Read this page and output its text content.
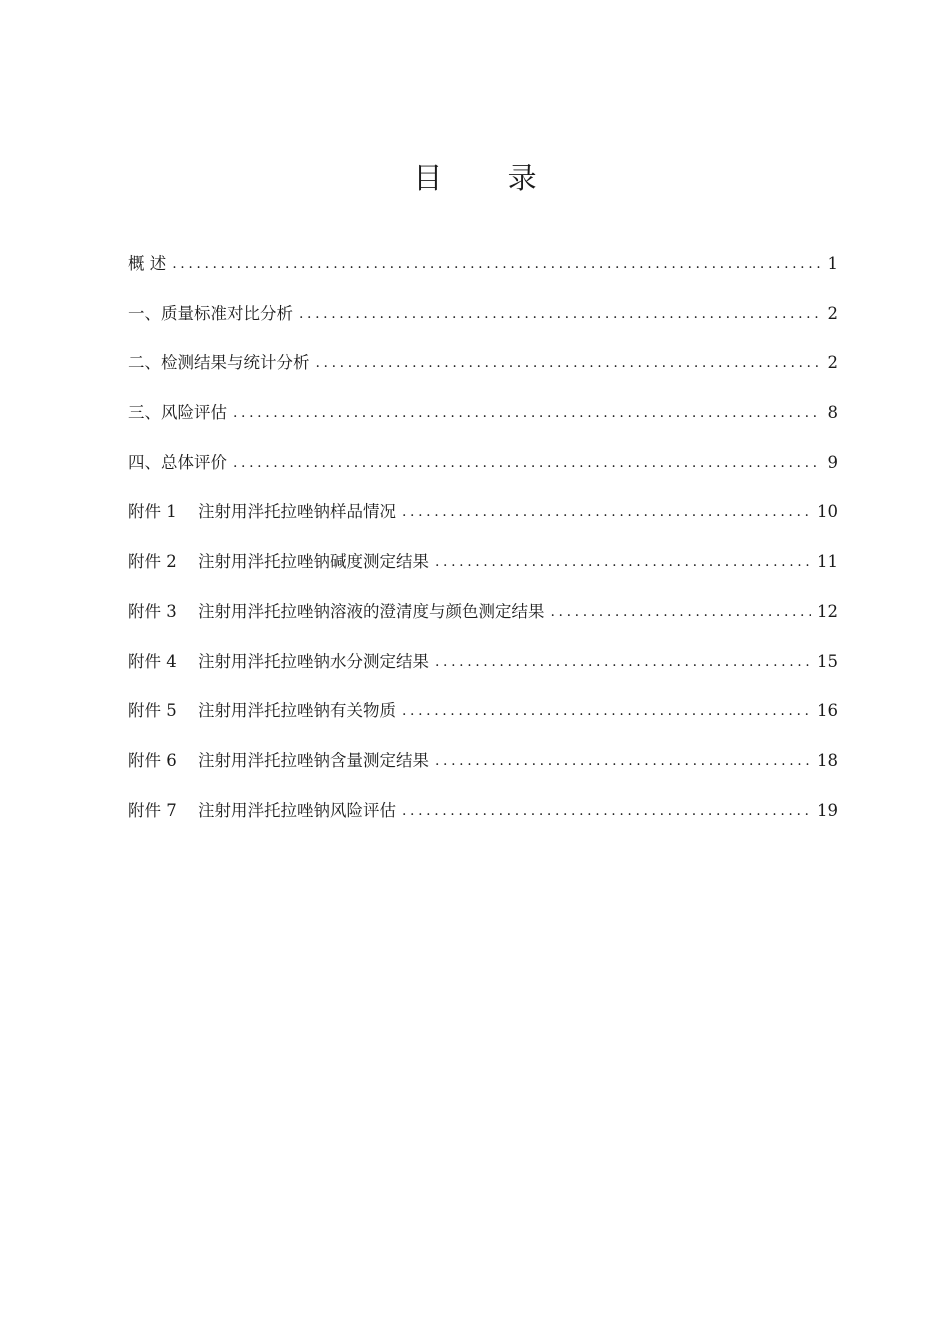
目 录
概 述 .....	1
一、质量标准对比分析 .....	2
二、检测结果与统计分析 .....	2
三、风险评估 .....	8
四、总体评价 .....	9
附件 1 注射用泮托拉唑钠样品情况 .....	10
附件 2 注射用泮托拉唑钠碱度测定结果 .....	11
附件 3 注射用泮托拉唑钠溶液的澄清度与颜色测定结果 .....	12
附件 4 注射用泮托拉唑钠水分测定结果 .....	15
附件 5 注射用泮托拉唑钠有关物质 .....	16
附件 6 注射用泮托拉唑钠含量测定结果 .....	18
附件 7 注射用泮托拉唑钠风险评估 .....	19
